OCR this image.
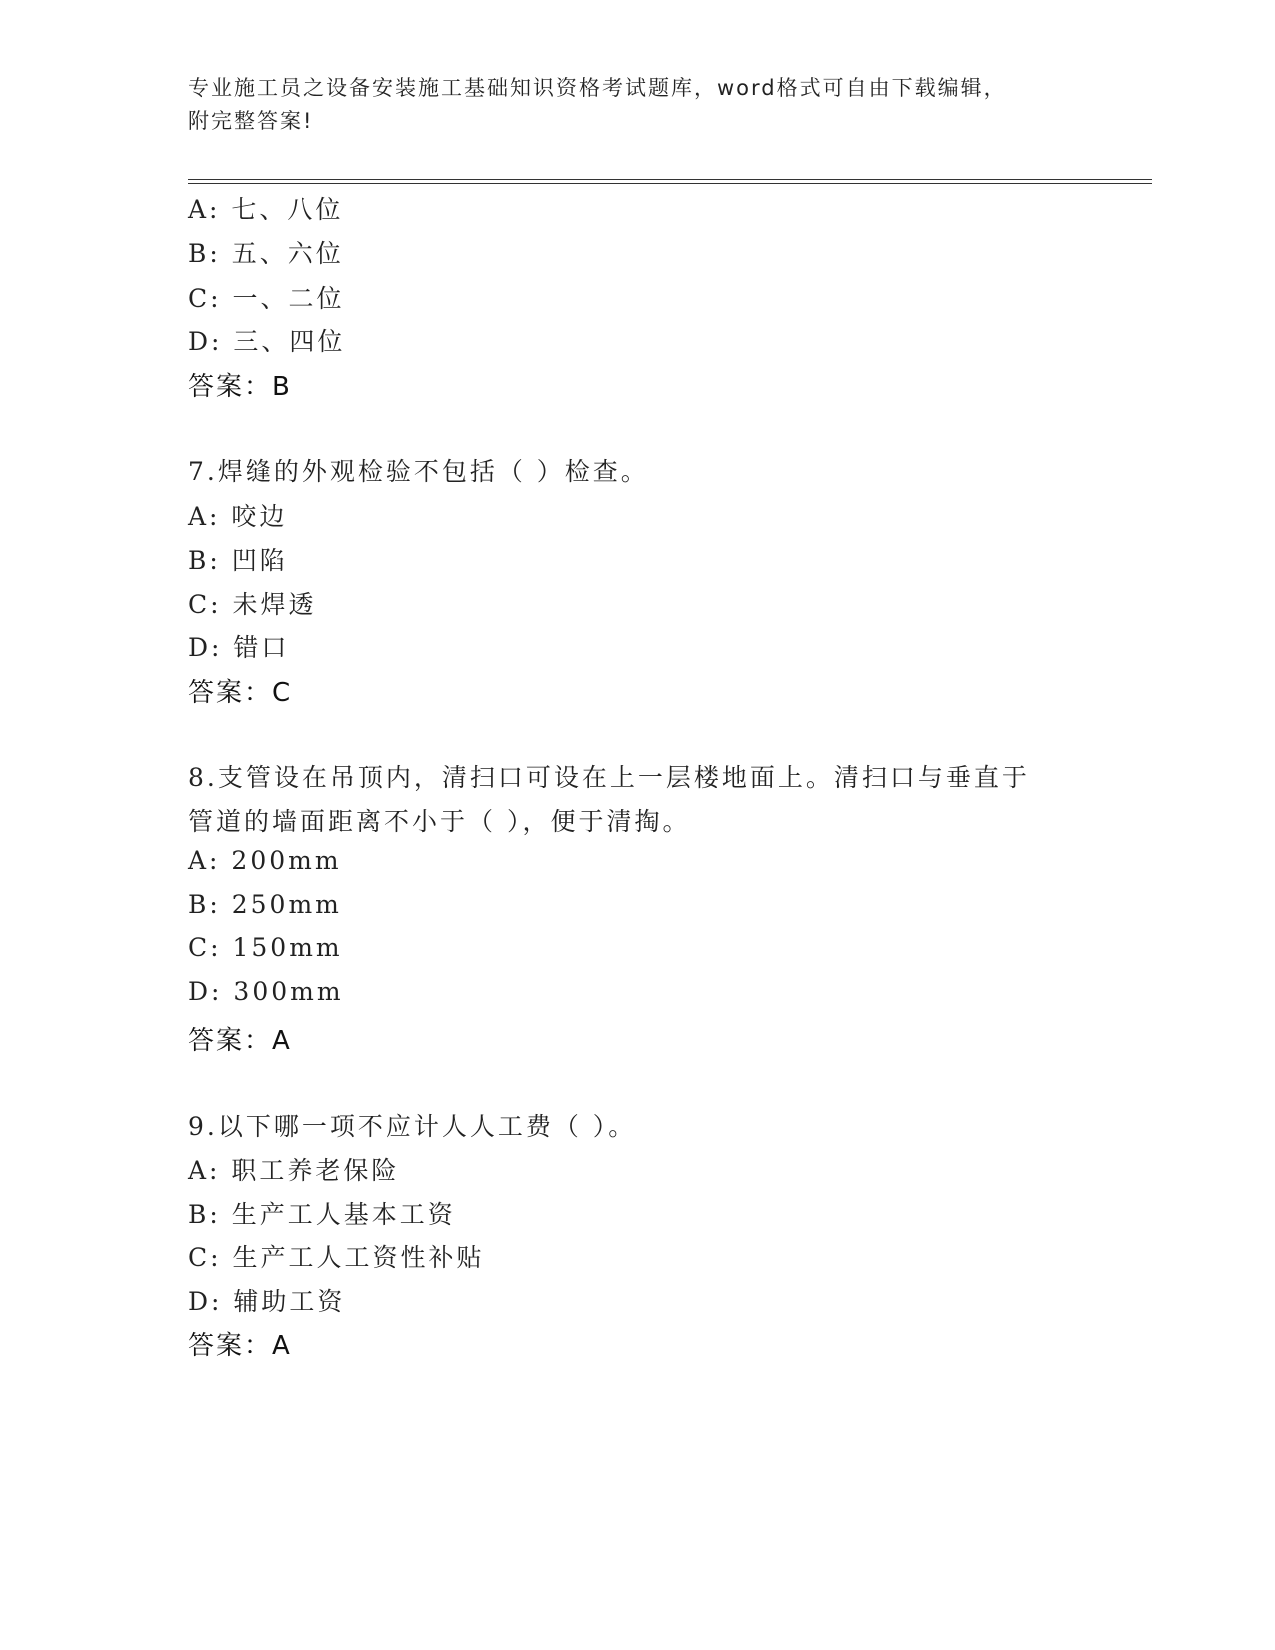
专业施工员之设备安装施工基础知识资格考试题库，word格式可自由下载编辑，
附完整答案!
A: 七、八位
B: 五、六位
C: 一、二位
D: 三、四位
答案：B
7.焊缝的外观检验不包括（ ）检查。
A: 咬边
B: 凹陷
C: 未焊透
D: 错口
答案：C
8.支管设在吊顶内，清扫口可设在上一层楼地面上。清扫口与垂直于
管道的墙面距离不小于（ ），便于清掏。
A: 200mm
B: 250mm
C: 150mm
D: 300mm
答案：A
9.以下哪一项不应计人人工费（ ）。
A: 职工养老保险
B: 生产工人基本工资
C: 生产工人工资性补贴
D: 辅助工资
答案：A
